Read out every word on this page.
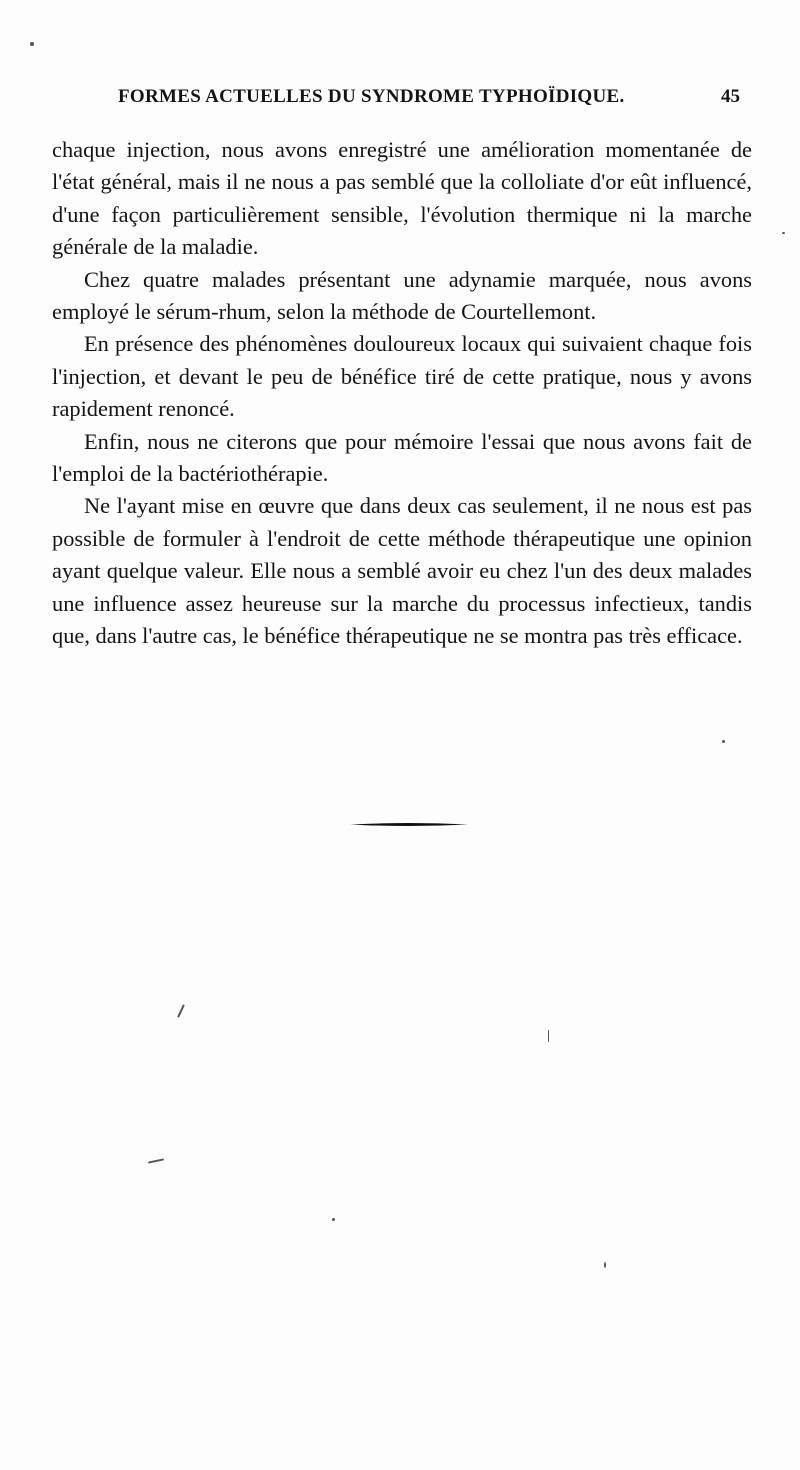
FORMES ACTUELLES DU SYNDROME TYPHOÏDIQUE.	45

chaque injection, nous avons enregistré une amélioration momentanée de l'état général, mais il ne nous a pas semblé que la colloliate d'or eût influencé, d'une façon particulièrement sensible, l'évolution thermique ni la marche générale de la maladie.

Chez quatre malades présentant une adynamie marquée, nous avons employé le sérum-rhum, selon la méthode de Courtellemont.

En présence des phénomènes douloureux locaux qui suivaient chaque fois l'injection, et devant le peu de bénéfice tiré de cette pratique, nous y avons rapidement renoncé.

Enfin, nous ne citerons que pour mémoire l'essai que nous avons fait de l'emploi de la bactériothérapie.

Ne l'ayant mise en œuvre que dans deux cas seulement, il ne nous est pas possible de formuler à l'endroit de cette méthode thérapeutique une opinion ayant quelque valeur. Elle nous a semblé avoir eu chez l'un des deux malades une influence assez heureuse sur la marche du processus infectieux, tandis que, dans l'autre cas, le bénéfice thérapeutique ne se montra pas très efficace.
